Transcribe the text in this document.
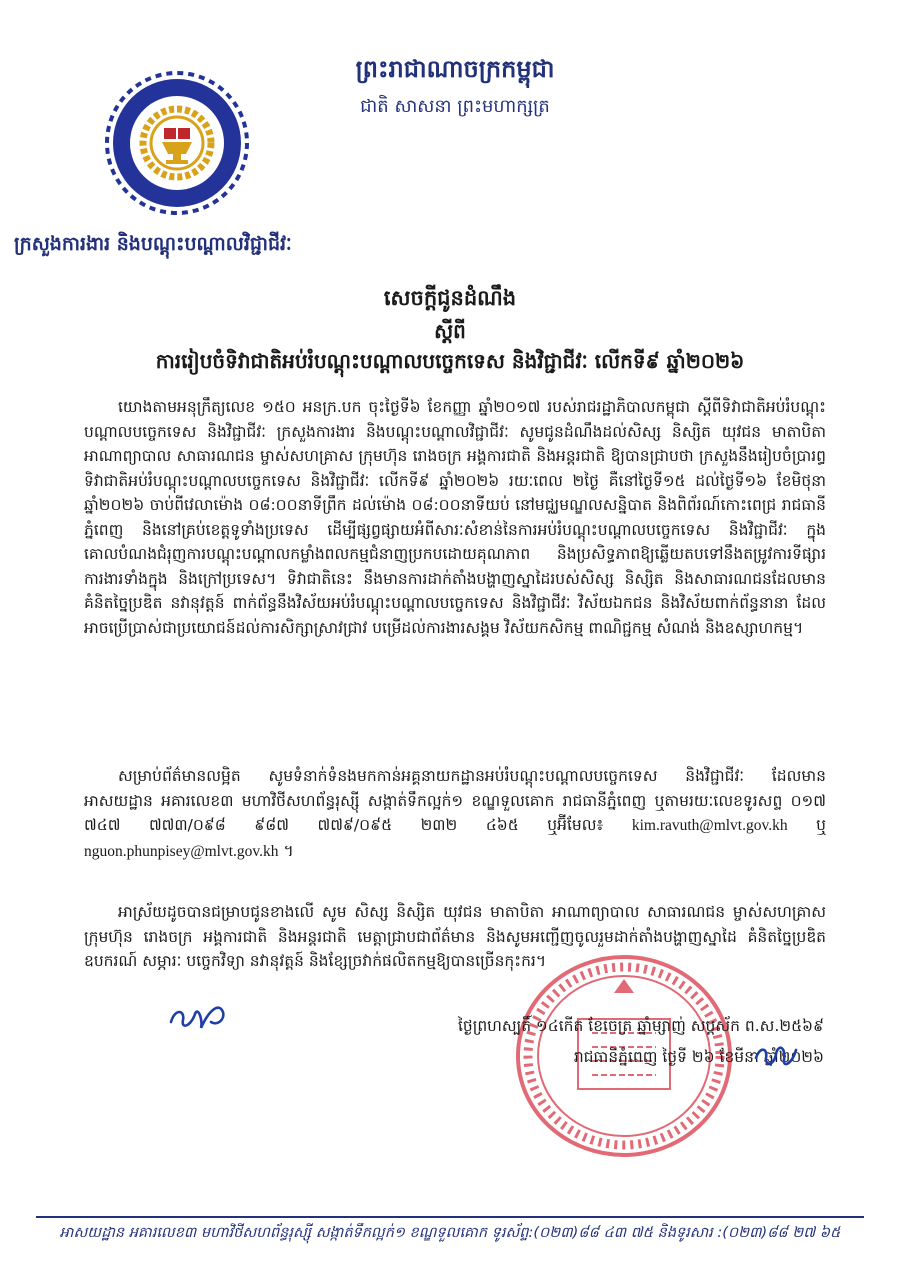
ក្រសួងការងារ និងបណ្តុះបណ្តាលវិជ្ជាជីវៈ
ព្រះរាជាណាចក្រកម្ពុជា
ជាតិ សាសនា ព្រះមហាក្សត្រ
សេចក្តីជូនដំណឹង
ស្តីពី
ការរៀបចំទិវាជាតិអប់រំបណ្តុះបណ្តាលបច្ចេកទេស និងវិជ្ជាជីវៈ លើកទី៩ ឆ្នាំ២០២៦
យោងតាមអនុក្រឹត្យលេខ ១៥០ អនក្រ.បក ចុះថ្ងៃទី៦ ខែកញ្ញា ឆ្នាំ២០១៧ របស់រាជរដ្ឋាភិបាលកម្ពុជា ស្តីពីទិវាជាតិអប់រំបណ្តុះបណ្តាលបច្ចេកទេស និងវិជ្ជាជីវៈ ក្រសួងការងារ និងបណ្តុះបណ្តាលវិជ្ជាជីវៈ សូមជូនដំណឹងដល់សិស្ស និស្សិត យុវជន មាតាបិតា អាណាព្យាបាល សាធារណជន ម្ចាស់សហគ្រាស ក្រុមហ៊ុន រោងចក្រ អង្គការជាតិ និងអន្តរជាតិ ឱ្យបានជ្រាបថា ក្រសួងនឹងរៀបចំប្រារព្ធទិវាជាតិអប់រំបណ្តុះបណ្តាលបច្ចេកទេស និងវិជ្ជាជីវៈ លើកទី៩ ឆ្នាំ២០២៦ រយៈពេល ២ថ្ងៃ គឺនៅថ្ងៃទី១៥ ដល់ថ្ងៃទី១៦ ខែមិថុនា ឆ្នាំ២០២៦ ចាប់ពីវេលាម៉ោង ០៨:០០នាទីព្រឹក ដល់ម៉ោង ០៨:០០នាទីយប់ នៅមជ្ឈមណ្ឌលសន្និបាត និងពិព័រណ៍កោះពេជ្រ រាជធានីភ្នំពេញ និងនៅគ្រប់ខេត្តទូទាំងប្រទេស ដើម្បីផ្សព្វផ្សាយអំពីសារៈសំខាន់នៃការអប់រំបណ្តុះបណ្តាលបច្ចេកទេស និងវិជ្ជាជីវៈ ក្នុងគោលបំណងជំរុញការបណ្តុះបណ្តាលកម្លាំងពលកម្មជំនាញប្រកបដោយគុណភាព និងប្រសិទ្ធភាពឱ្យឆ្លើយតបទៅនឹងតម្រូវការទីផ្សារការងារទាំងក្នុង និងក្រៅប្រទេស។ ទិវាជាតិនេះ នឹងមានការដាក់តាំងបង្ហាញស្នាដៃរបស់សិស្ស និស្សិត និងសាធារណជនដែលមានគំនិតច្នៃប្រឌិត នវានុវត្តន៍ ពាក់ព័ន្ធនឹងវិស័យអប់រំបណ្តុះបណ្តាលបច្ចេកទេស និងវិជ្ជាជីវៈ វិស័យឯកជន និងវិស័យពាក់ព័ន្ធនានា ដែលអាចប្រើប្រាស់ជាប្រយោជន៍ដល់ការសិក្សាស្រាវជ្រាវ បម្រើដល់ការងារសង្គម វិស័យកសិកម្ម ពាណិជ្ជកម្ម សំណង់ និងឧស្សាហកម្ម។
សម្រាប់ព័ត៌មានលម្អិត សូមទំនាក់ទំនងមកកាន់អគ្គនាយកដ្ឋានអប់រំបណ្តុះបណ្តាលបច្ចេកទេស និងវិជ្ជាជីវៈ ដែលមានអាសយដ្ឋាន អគារលេខ៣ មហាវិថីសហព័ន្ធរុស្ស៊ី សង្កាត់ទឹកល្អក់១ ខណ្ឌទួលគោក រាជធានីភ្នំពេញ ឬតាមរយៈលេខទូរសព្ទ ០១៧ ៧៤៧ ៧៧៣/០៩៨ ៩៨៧ ៧៧៩/០៩៥ ២៣២ ៤៦៥ ឬអ៊ីមែល៖ kim.ravuth@mlvt.gov.kh ឬ nguon.phunpisey@mlvt.gov.kh ។
អាស្រ័យដូចបានជម្រាបជូនខាងលើ សូម សិស្ស និស្សិត យុវជន មាតាបិតា អាណាព្យាបាល សាធារណជន ម្ចាស់សហគ្រាស ក្រុមហ៊ុន រោងចក្រ អង្គការជាតិ និងអន្តរជាតិ មេត្តាជ្រាបជាព័ត៌មាន និងសូមអញ្ជើញចូលរួមដាក់តាំងបង្ហាញស្នាដៃ គំនិតច្នៃប្រឌិតឧបករណ៍ សម្ភារៈ បច្ចេកវិទ្យា នវានុវត្តន៍ និងខ្សែច្រវាក់ផលិតកម្មឱ្យបានច្រើនកុះករ។
ថ្ងៃព្រហស្បតិ៍ ១៤កើត ខែចេត្រ ឆ្នាំម្សាញ់ សប្តស័ក ព.ស.២៥៦៩
រាជធានីភ្នំពេញ ថ្ងៃទី ២៦ ខែមីនា ឆ្នាំ២០២៦
អាសយដ្ឋាន អគារលេខ៣ មហាវិថីសហព័ន្ធរុស្ស៊ី សង្កាត់ទឹកល្អក់១ ខណ្ឌទួលគោក ទូរស័ព្ទ:(០២៣)៨៨ ៤៣ ៧៥ និងទូរសារ :(០២៣)៨៨ ២៧ ៦៥
